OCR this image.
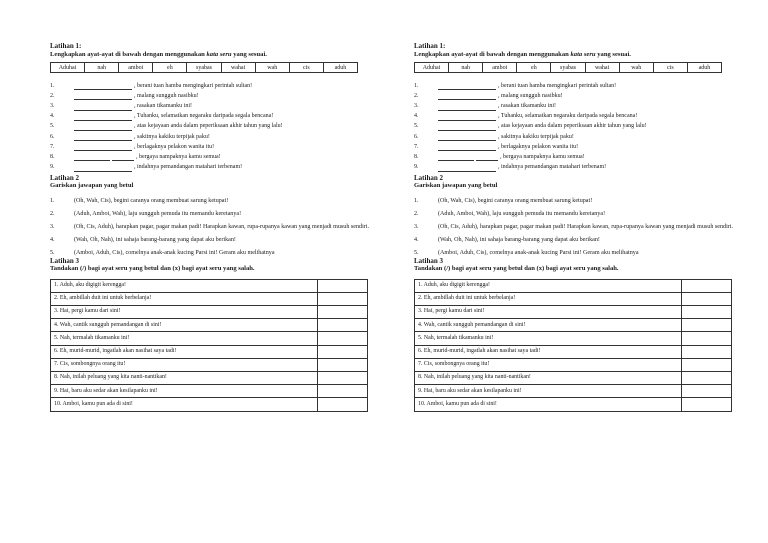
Latihan 1:
Lengkapkan ayat-ayat di bawah dengan menggunakan kata seru yang sesuai.
Aduhai	nah	amboi	eh	syabas	wahai	wah	cis	aduh
1.	, berani tuan hamba mengingkari perintah sultan!
2.	, malang sungguh nasibku!
3.	, rasakan tikamanku ini!
4.	, Tuhanku, selamatkan negaraku daripada segala bencana!
5.	, atas kejayaan anda dalam peperiksaan akhir tahun yang lalu!
6.	, sakitnya kakiku terpijak paku!
7.	, berlagaknya pelakon wanita itu!
8.	, bergaya nampaknya kamu semua!
9.	, indahnya pemandangan matahari terbenam!
Latihan 2
Gariskan jawapan yang betul
1.	(Oh, Wah, Cis), begini caranya orang membuat sarung ketupat!
2.	(Aduh, Amboi, Wah), laju sungguh pemuda itu memandu keretanya!
3.	(Oh, Cis, Aduh), harapkan pagar, pagar makan padi! Harapkan kawan, rupa-rupanya kawan yang menjadi musuh sendiri.
4.	(Wah, Oh, Nah), ini sahaja barang-barang yang dapat aku berikan!
5.	(Amboi, Aduh, Cis), comelnya anak-anak kucing Parsi ini! Geram aku melihatnya
Latihan 3
Tandakan (/) bagi ayat seru yang betul dan (x) bagi ayat seru yang salah.
1. Aduh, aku digigit kerengga!	
2. Eh, ambillah duit ini untuk berbelanja!	
3. Hai, pergi kamu dari sini!	
4. Wah, cantik sungguh pemandangan di sini!	
5. Nah, termalah tikamanku ini!	
6. Eh, murid-murid, ingatlah akan nasihat saya tadi!	
7. Cis, sombongnya orang itu!	
8. Nah, inilah peluang yang kita nanti-nantikan!	
9. Hai, baru aku sedar akan kesilapanku ini!	
10. Amboi, kamu pun ada di sini!	
Latihan 1:
Lengkapkan ayat-ayat di bawah dengan menggunakan kata seru yang sesuai.
Aduhai	nah	amboi	eh	syabas	wahai	wah	cis	aduh
1.	, berani tuan hamba mengingkari perintah sultan!
2.	, malang sungguh nasibku!
3.	, rasakan tikamanku ini!
4.	, Tuhanku, selamatkan negaraku daripada segala bencana!
5.	, atas kejayaan anda dalam peperiksaan akhir tahun yang lalu!
6.	, sakitnya kakiku terpijak paku!
7.	, berlagaknya pelakon wanita itu!
8.	, bergaya nampaknya kamu semua!
9.	, indahnya pemandangan matahari terbenam!
Latihan 2
Gariskan jawapan yang betul
1.	(Oh, Wah, Cis), begini caranya orang membuat sarung ketupat!
2.	(Aduh, Amboi, Wah), laju sungguh pemuda itu memandu keretanya!
3.	(Oh, Cis, Aduh), harapkan pagar, pagar makan padi! Harapkan kawan, rupa-rupanya kawan yang menjadi musuh sendiri.
4.	(Wah, Oh, Nah), ini sahaja barang-barang yang dapat aku berikan!
5.	(Amboi, Aduh, Cis), comelnya anak-anak kucing Parsi ini! Geram aku melihatnya
Latihan 3
Tandakan (/) bagi ayat seru yang betul dan (x) bagi ayat seru yang salah.
1. Aduh, aku digigit kerengga!	
2. Eh, ambillah duit ini untuk berbelanja!	
3. Hai, pergi kamu dari sini!	
4. Wah, cantik sungguh pemandangan di sini!	
5. Nah, termalah tikamanku ini!	
6. Eh, murid-murid, ingatlah akan nasihat saya tadi!	
7. Cis, sombongnya orang itu!	
8. Nah, inilah peluang yang kita nanti-nantikan!	
9. Hai, baru aku sedar akan kesilapanku ini!	
10. Amboi, kamu pun ada di sini!	
